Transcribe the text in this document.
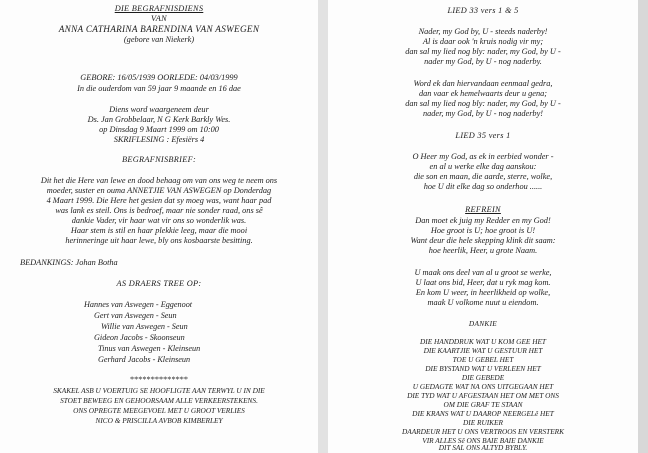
DIE BEGRAFNISDIENS
VAN
ANNA CATHARINA BARENDINA VAN ASWEGEN
(gebore van Niekerk)
GEBORE: 16/05/1939 OORLEDE: 04/03/1999
In die ouderdom van 59 jaar 9 maande en 16 dae
Diens word waargeneem deur
Ds. Jan Grobbelaar, N G Kerk Barkly Wes.
op Dinsdag 9 Maart 1999 om 10:00
SKRIFLESING : Efesiërs 4
BEGRAFNISBRIEF:
Dit het die Here van lewe en dood behaag om van ons weg te neem ons
moeder, suster en ouma ANNETJIE VAN ASWEGEN op Donderdag
4 Maart 1999. Die Here het gesien dat sy moeg was, want haar pad
was lank es steil. Ons is bedroef, maar nie sonder raad, ons sê
dankie Vader, vir haar wat vir ons so wonderlik was.
Haar stem is stil en haar plekkie leeg, maar die mooi
herinneringe uit haar lewe, bly ons kosbaarste besitting.
BEDANKINGS: Johan Botha
AS DRAERS TREE OP:
Hannes van Aswegen - Eggenoot
Gert van Aswegen - Seun
Willie van Aswegen - Seun
Gideon Jacobs - Skoonseun
Tinus van Aswegen - Kleinseun
Gerhard Jacobs - Kleinseun
**************
SKAKEL ASB U VOERTUIG SE HOOFLIGTE AAN TERWYL U IN DIE
STOET BEWEEG EN GEHOORSAAM ALLE VERKEERSTEKENS.
ONS OPREGTE MEEGEVOEL MET U GROOT VERLIES
NICO & PRISCILLA AVBOB KIMBERLEY
LIED 33 vers 1 & 5
Nader, my God by, U - steeds naderby!
Al is daar ook 'n kruis nodig vir my;
dan sal my lied nog bly: nader, my God, by U -
nader my God, by U - nog naderby.
Word ek dan hiervandaan eenmaal gedra,
dan vaar ek hemelwaarts deur u gena;
dan sal my lied nog bly: nader, my God, by U -
nader, my God, by U - nog naderby!
LIED 35 vers 1
O Heer my God, as ek in eerbied wonder -
en al u werke elke dag aanskou:
die son en maan, die aarde, sterre, wolke,
hoe U dit elke dag so onderhou ......
REFREIN
Dan moet ek juig my Redder en my God!
Hoe groot is U; hoe groot is U!
Want deur die hele skepping klink dit saam:
hoe heerlik, Heer, u grote Naam.
U maak ons deel van al u groot se werke,
U laat ons bid, Heer, dat u ryk mag kom.
En kom U weer, in heerlikheid op wolke,
maak U volkome nuut u eiendom.
DANKIE
DIE HANDDRUK WAT U KOM GEE HET
DIE KAARTJIE WAT U GESTUUR HET
TOE U GEBEL HET
DIE BYSTAND WAT U VERLEEN HET
DIE GEBEDE
U GEDAGTE WAT NA ONS UITGEGAAN HET
DIE TYD WAT U AFGESTAAN HET OM MET ONS
OM DIE GRAF TE STAAN
DIE KRANS WAT U DAAROP NEERGELê HET
DIE RUIKER
DAARDEUR HET U ONS VERTROOS EN VERSTERK
VIR ALLES Sê ONS BAIE BAIE DANKIE
DIT SAL ONS ALTYD BYBLY.
